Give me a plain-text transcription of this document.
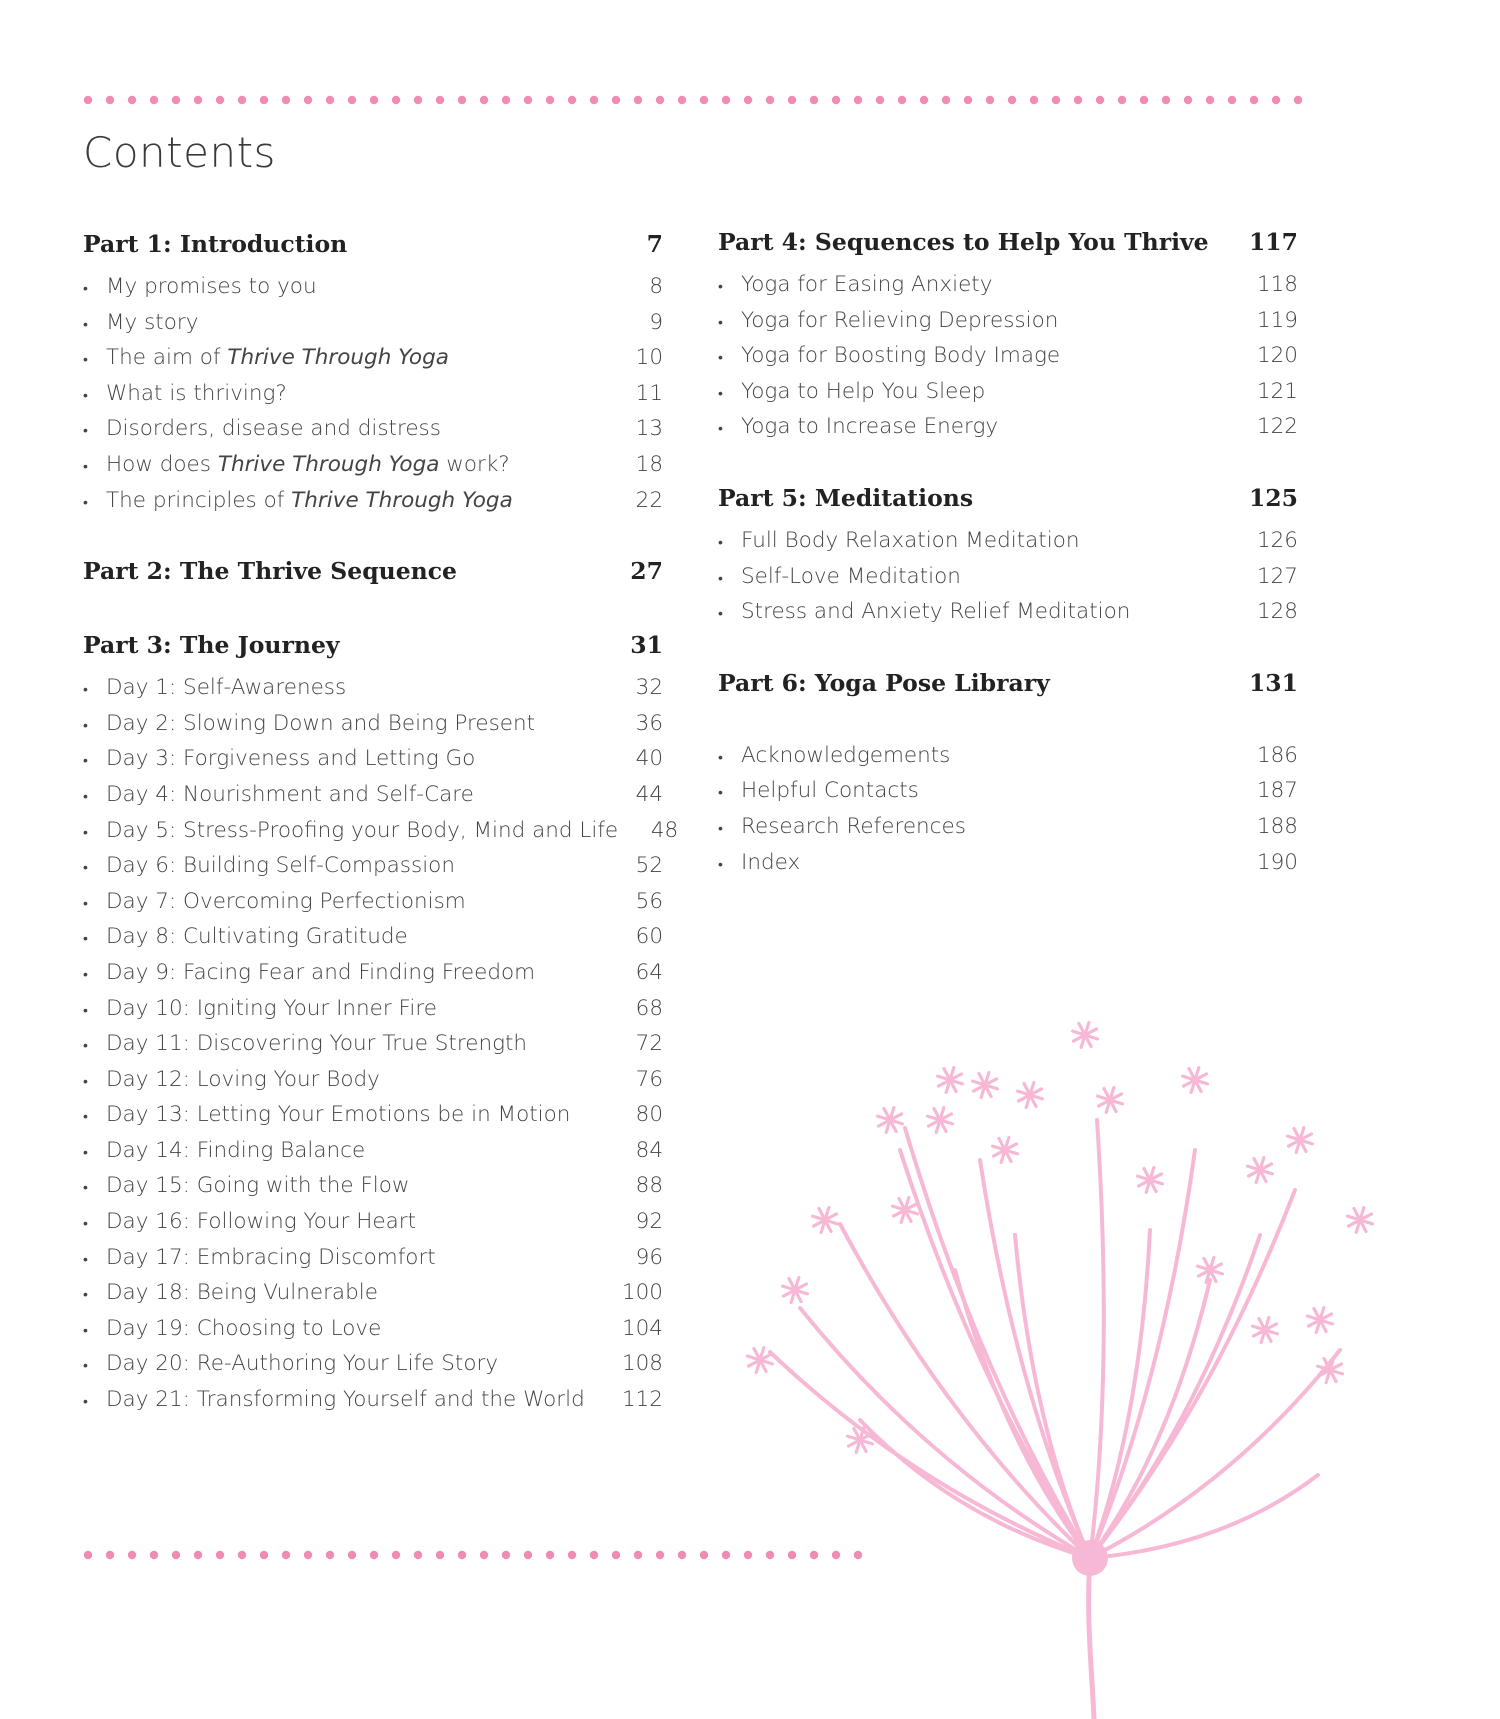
Contents
Part 1: Introduction	7
• My promises to you	8
• My story	9
• The aim of Thrive Through Yoga	10
• What is thriving?	11
• Disorders, disease and distress	13
• How does Thrive Through Yoga work?	18
• The principles of Thrive Through Yoga	22
Part 2: The Thrive Sequence	27
Part 3: The Journey	31
• Day 1: Self-Awareness	32
• Day 2: Slowing Down and Being Present	36
• Day 3: Forgiveness and Letting Go	40
• Day 4: Nourishment and Self-Care	44
• Day 5: Stress-Proofing your Body, Mind and Life	48
• Day 6: Building Self-Compassion	52
• Day 7: Overcoming Perfectionism	56
• Day 8: Cultivating Gratitude	60
• Day 9: Facing Fear and Finding Freedom	64
• Day 10: Igniting Your Inner Fire	68
• Day 11: Discovering Your True Strength	72
• Day 12: Loving Your Body	76
• Day 13: Letting Your Emotions be in Motion	80
• Day 14: Finding Balance	84
• Day 15: Going with the Flow	88
• Day 16: Following Your Heart	92
• Day 17: Embracing Discomfort	96
• Day 18: Being Vulnerable	100
• Day 19: Choosing to Love	104
• Day 20: Re-Authoring Your Life Story	108
• Day 21: Transforming Yourself and the World	112
Part 4: Sequences to Help You Thrive	117
• Yoga for Easing Anxiety	118
• Yoga for Relieving Depression	119
• Yoga for Boosting Body Image	120
• Yoga to Help You Sleep	121
• Yoga to Increase Energy	122
Part 5: Meditations	125
• Full Body Relaxation Meditation	126
• Self-Love Meditation	127
• Stress and Anxiety Relief Meditation	128
Part 6: Yoga Pose Library	131
• Acknowledgements	186
• Helpful Contacts	187
• Research References	188
• Index	190
